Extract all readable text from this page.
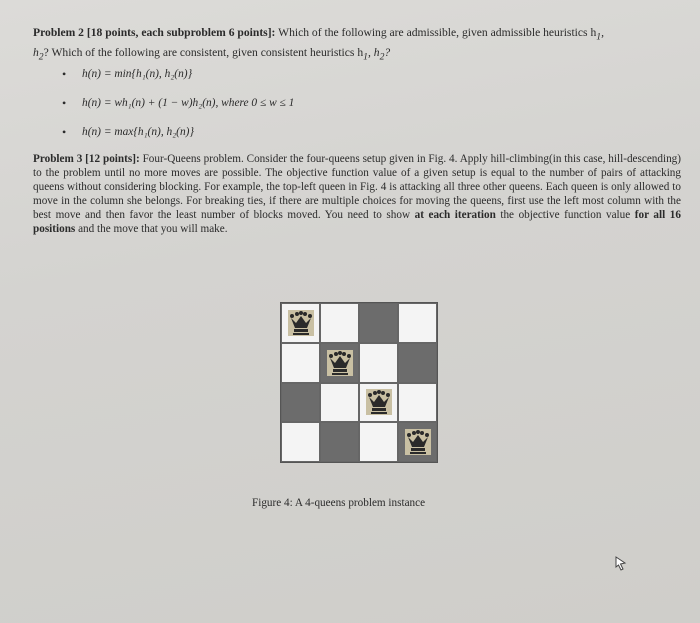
Problem 2 [18 points, each subproblem 6 points]: Which of the following are admissible, given admissible heuristics $h_1$,
$h_2$? Which of the following are consistent, given consistent heuristics $h_1$, $h_2$?
•	h(n) = min{h₁(n), h₂(n)}
•	h(n) = wh₁(n) + (1 − w)h₂(n), where 0 ≤ w ≤ 1
•	h(n) = max{h₁(n), h₂(n)}
Problem 3 [12 points]: Four-Queens problem. Consider the four-queens setup given in Fig. 4. Apply hill-climbing(in this case, hill-descending) to the problem until no more moves are possible. The objective function value of a given setup is equal to the number of pairs of attacking queens without considering blocking. For example, the top-left queen in Fig. 4 is attacking all three other queens. Each queen is only allowed to move in the column she belongs. For breaking ties, if there are multiple choices for moving the queens, first use the left most column with the best move and then favor the least number of blocks moved. You need to show at each iteration the objective function value for all 16 positions and the move that you will make.
Figure 4: A 4-queens problem instance
